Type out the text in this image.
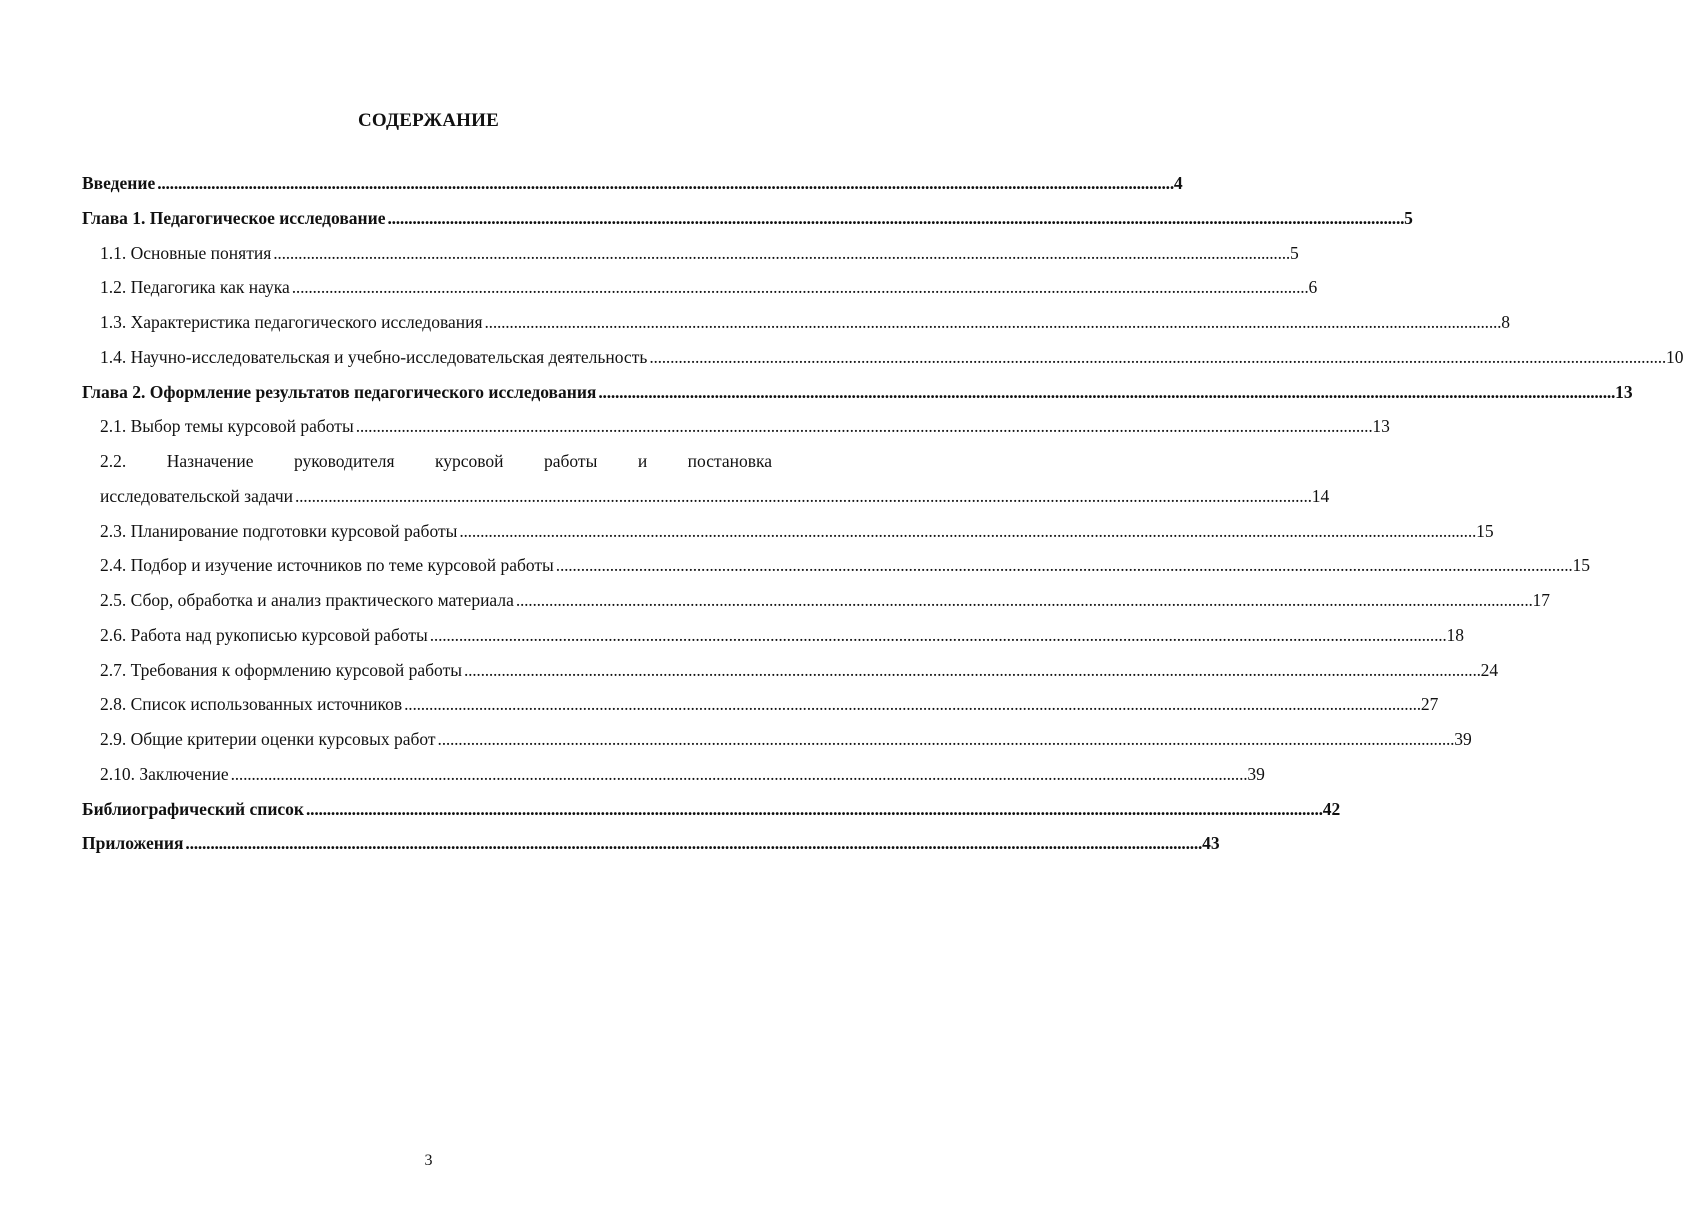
СОДЕРЖАНИЕ
Введение . . .	4
Глава 1. Педагогическое исследование . . .	5
1.1. Основные понятия . . .	5
1.2. Педагогика как наука . . .	6
1.3. Характеристика педагогического исследования . . .	8
1.4. Научно-исследовательская и учебно-исследовательская деятельность . . .	10
Глава 2. Оформление результатов педагогического исследования . . .	13
2.1. Выбор темы курсовой работы . . .	13
2.2. Назначение руководителя курсовой работы и постановка
исследовательской задачи . . .	14
2.3. Планирование подготовки курсовой работы . . .	15
2.4. Подбор и изучение источников по теме курсовой работы . . .	15
2.5. Сбор, обработка и анализ практического материала . . .	17
2.6. Работа над рукописью курсовой работы . . .	18
2.7. Требования к оформлению курсовой работы . . .	24
2.8. Список использованных источников . . .	27
2.9. Общие критерии оценки курсовых работ . . .	39
2.10. Заключение . . .	39
Библиографический список . . .	42
Приложения . . .	43
3
